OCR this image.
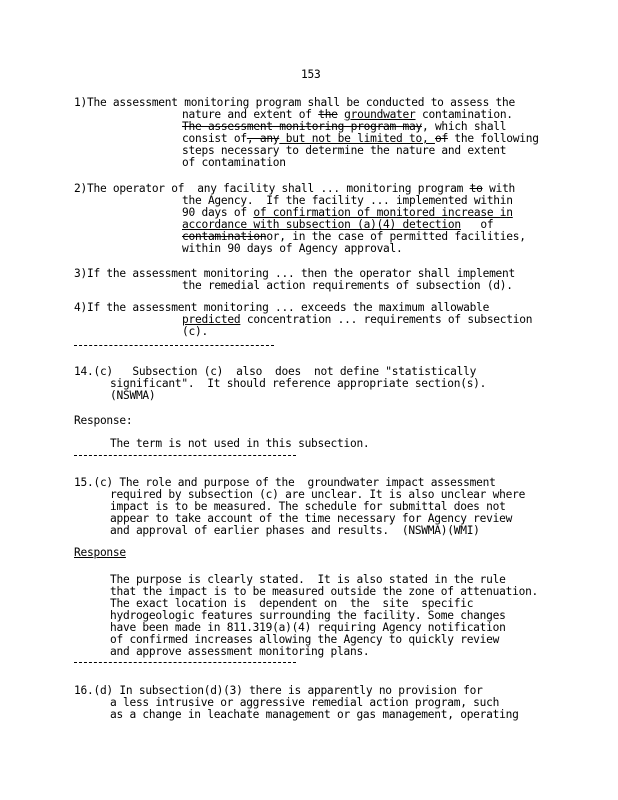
153
1)The assessment monitoring program shall be conducted to assess the
nature and extent of the groundwater contamination.
The assessment monitoring program may, which shall
consist of, any but not be limited to, of the following
steps necessary to determine the nature and extent
of contamination
2)The operator of  any facility shall ... monitoring program to with
the Agency.  If the facility ... implemented within
90 days of of confirmation of monitored increase in
accordance with subsection (a)(4) detection   of
contaminationor, in the case of permitted facilities,
within 90 days of Agency approval.
3)If the assessment monitoring ... then the operator shall implement
the remedial action requirements of subsection (d).
4)If the assessment monitoring ... exceeds the maximum allowable
predicted concentration ... requirements of subsection
(c).
14.(c)   Subsection (c)  also  does  not define "statistically
significant".  It should reference appropriate section(s).
(NSWMA)
Response:
The term is not used in this subsection.
15.(c) The role and purpose of the  groundwater impact assessment
required by subsection (c) are unclear. It is also unclear where
impact is to be measured. The schedule for submittal does not
appear to take account of the time necessary for Agency review
and approval of earlier phases and results.  (NSWMA)(WMI)
Response
The purpose is clearly stated.  It is also stated in the rule
that the impact is to be measured outside the zone of attenuation.
The exact location is  dependent on  the  site  specific
hydrogeologic features surrounding the facility. Some changes
have been made in 811.319(a)(4) requiring Agency notification
of confirmed increases allowing the Agency to quickly review
and approve assessment monitoring plans.
16.(d) In subsection(d)(3) there is apparently no provision for
a less intrusive or aggressive remedial action program, such
as a change in leachate management or gas management, operating
